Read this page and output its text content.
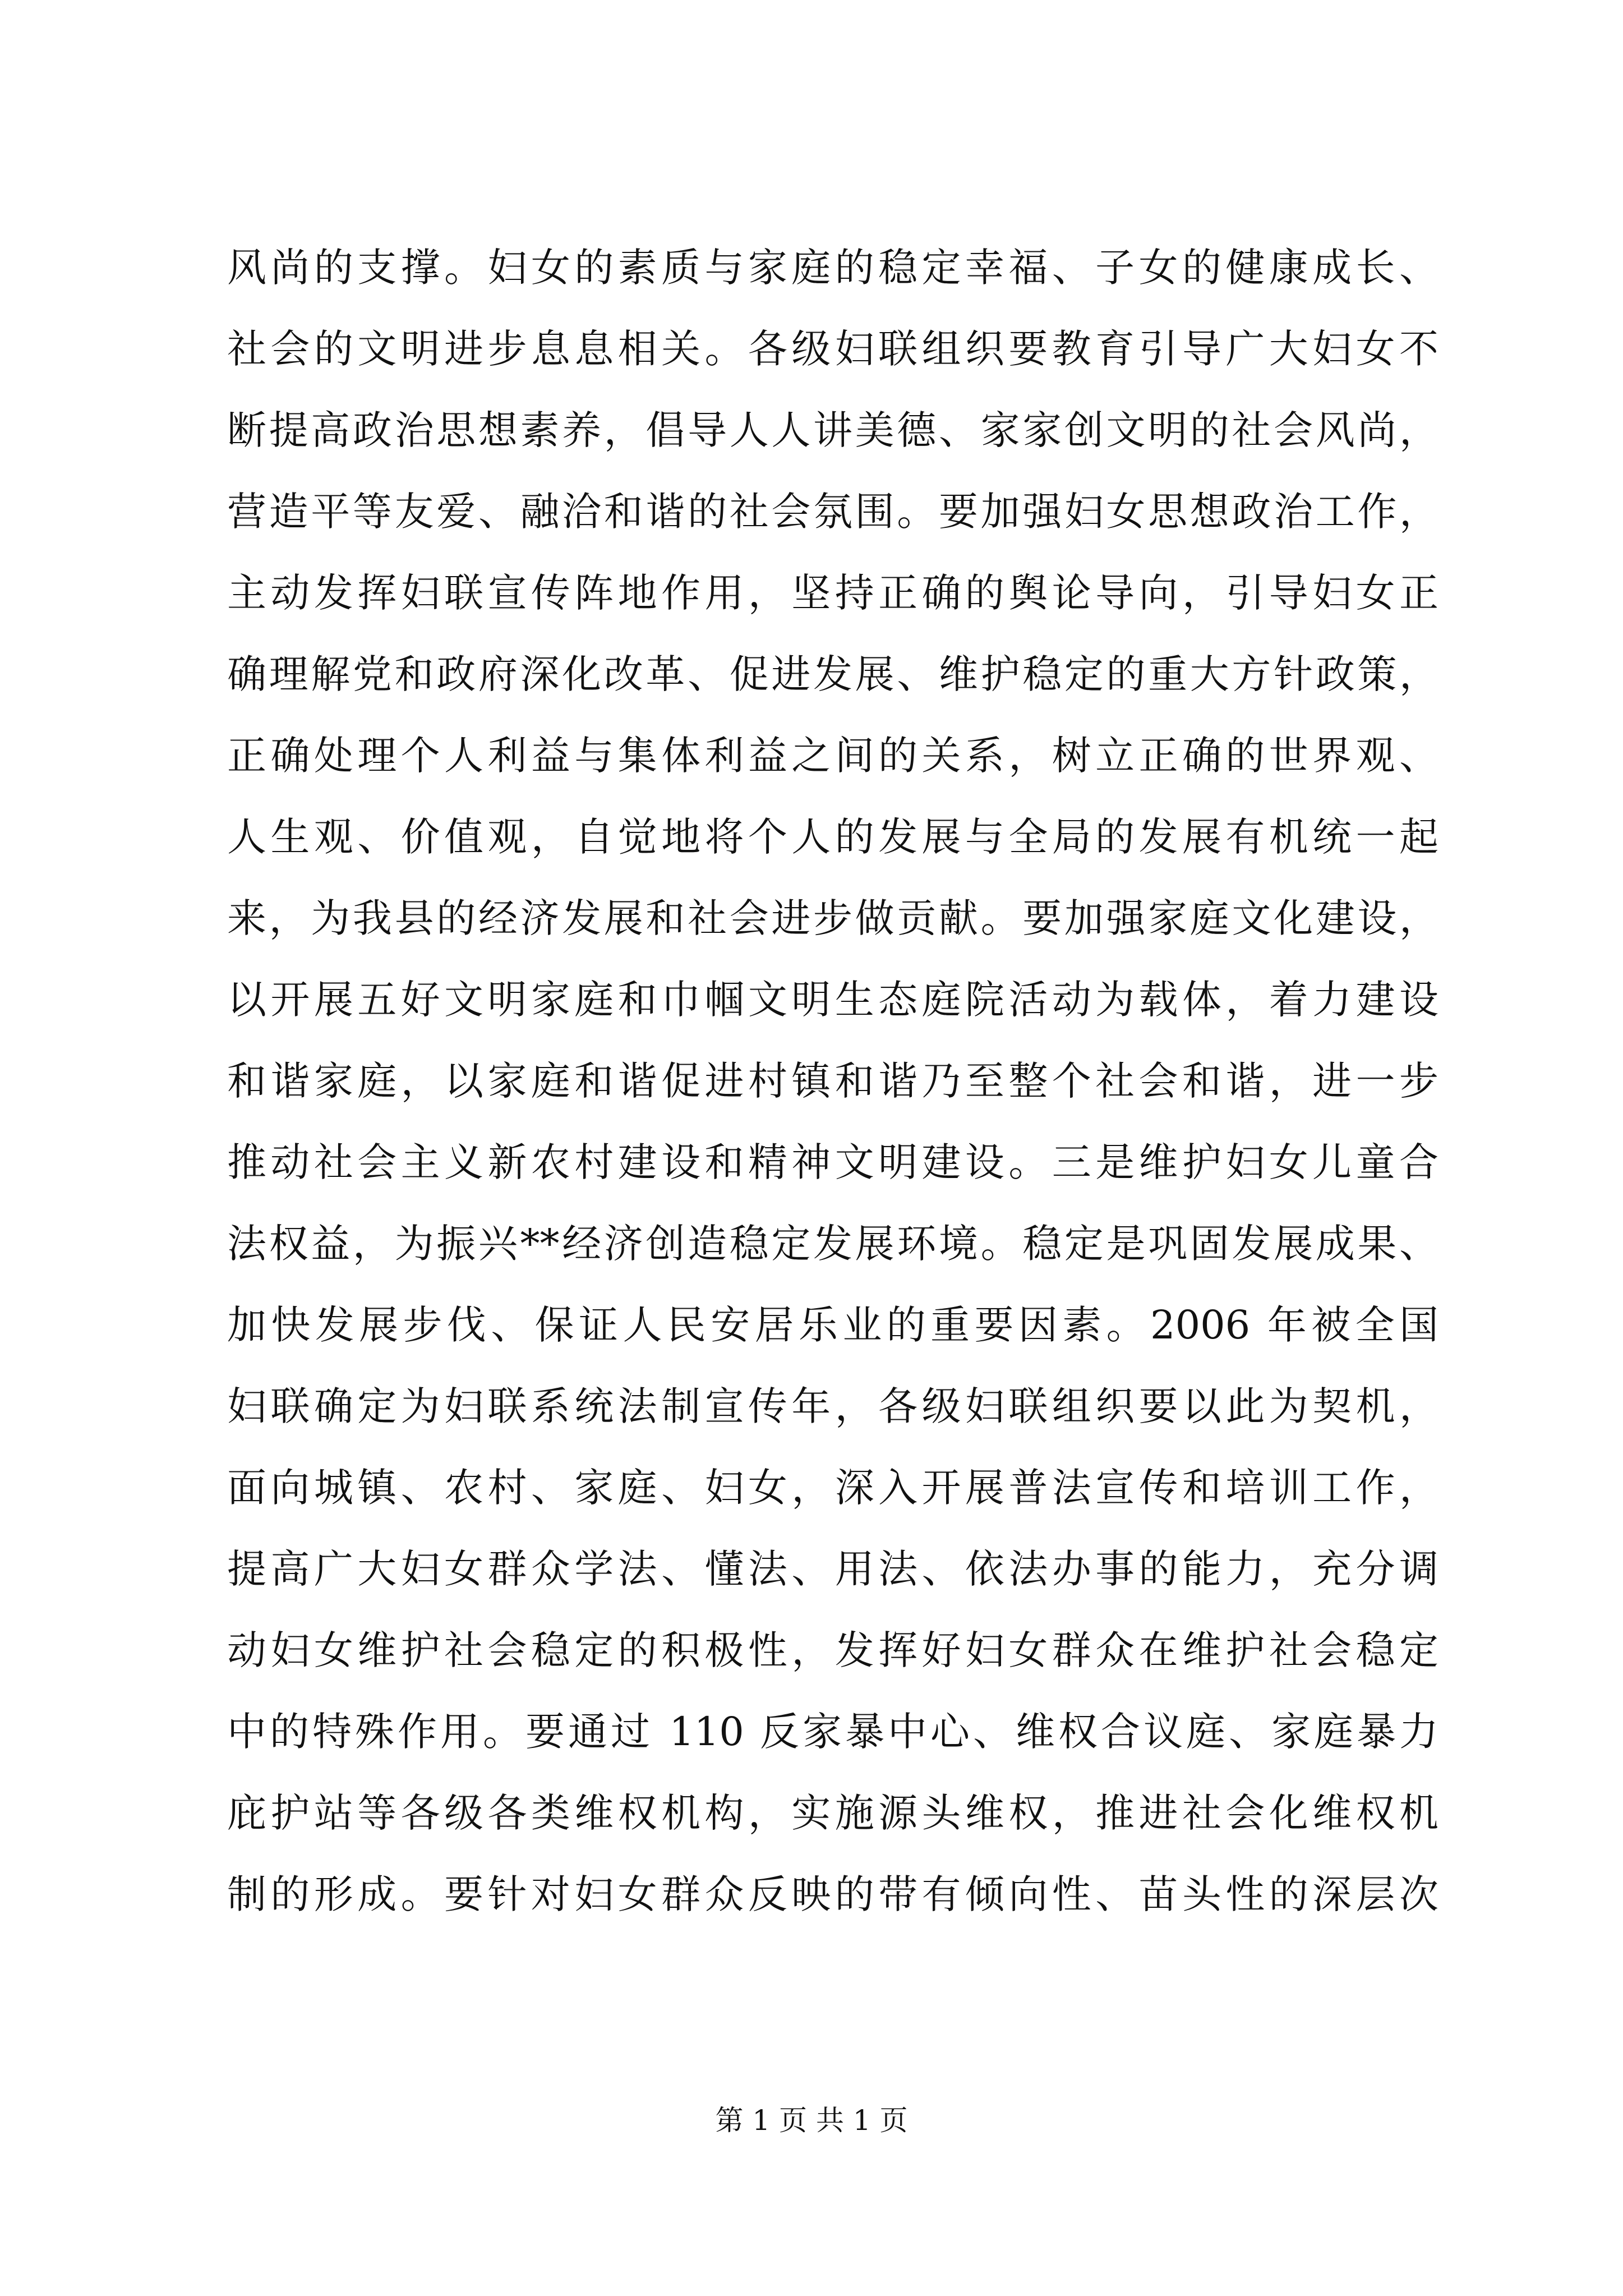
风尚的支撑。妇女的素质与家庭的稳定幸福、子女的健康成长、
社会的文明进步息息相关。各级妇联组织要教育引导广大妇女不
断提高政治思想素养，倡导人人讲美德、家家创文明的社会风尚，
营造平等友爱、融洽和谐的社会氛围。要加强妇女思想政治工作，
主动发挥妇联宣传阵地作用，坚持正确的舆论导向，引导妇女正
确理解党和政府深化改革、促进发展、维护稳定的重大方针政策，
正确处理个人利益与集体利益之间的关系，树立正确的世界观、
人生观、价值观，自觉地将个人的发展与全局的发展有机统一起
来，为我县的经济发展和社会进步做贡献。要加强家庭文化建设，
以开展五好文明家庭和巾帼文明生态庭院活动为载体，着力建设
和谐家庭，以家庭和谐促进村镇和谐乃至整个社会和谐，进一步
推动社会主义新农村建设和精神文明建设。三是维护妇女儿童合
法权益，为振兴**经济创造稳定发展环境。稳定是巩固发展成果、
加快发展步伐、保证人民安居乐业的重要因素。2006 年被全国
妇联确定为妇联系统法制宣传年，各级妇联组织要以此为契机，
面向城镇、农村、家庭、妇女，深入开展普法宣传和培训工作，
提高广大妇女群众学法、懂法、用法、依法办事的能力，充分调
动妇女维护社会稳定的积极性，发挥好妇女群众在维护社会稳定
中的特殊作用。要通过 110 反家暴中心、维权合议庭、家庭暴力
庇护站等各级各类维权机构，实施源头维权，推进社会化维权机
制的形成。要针对妇女群众反映的带有倾向性、苗头性的深层次
第 1 页 共 1 页
